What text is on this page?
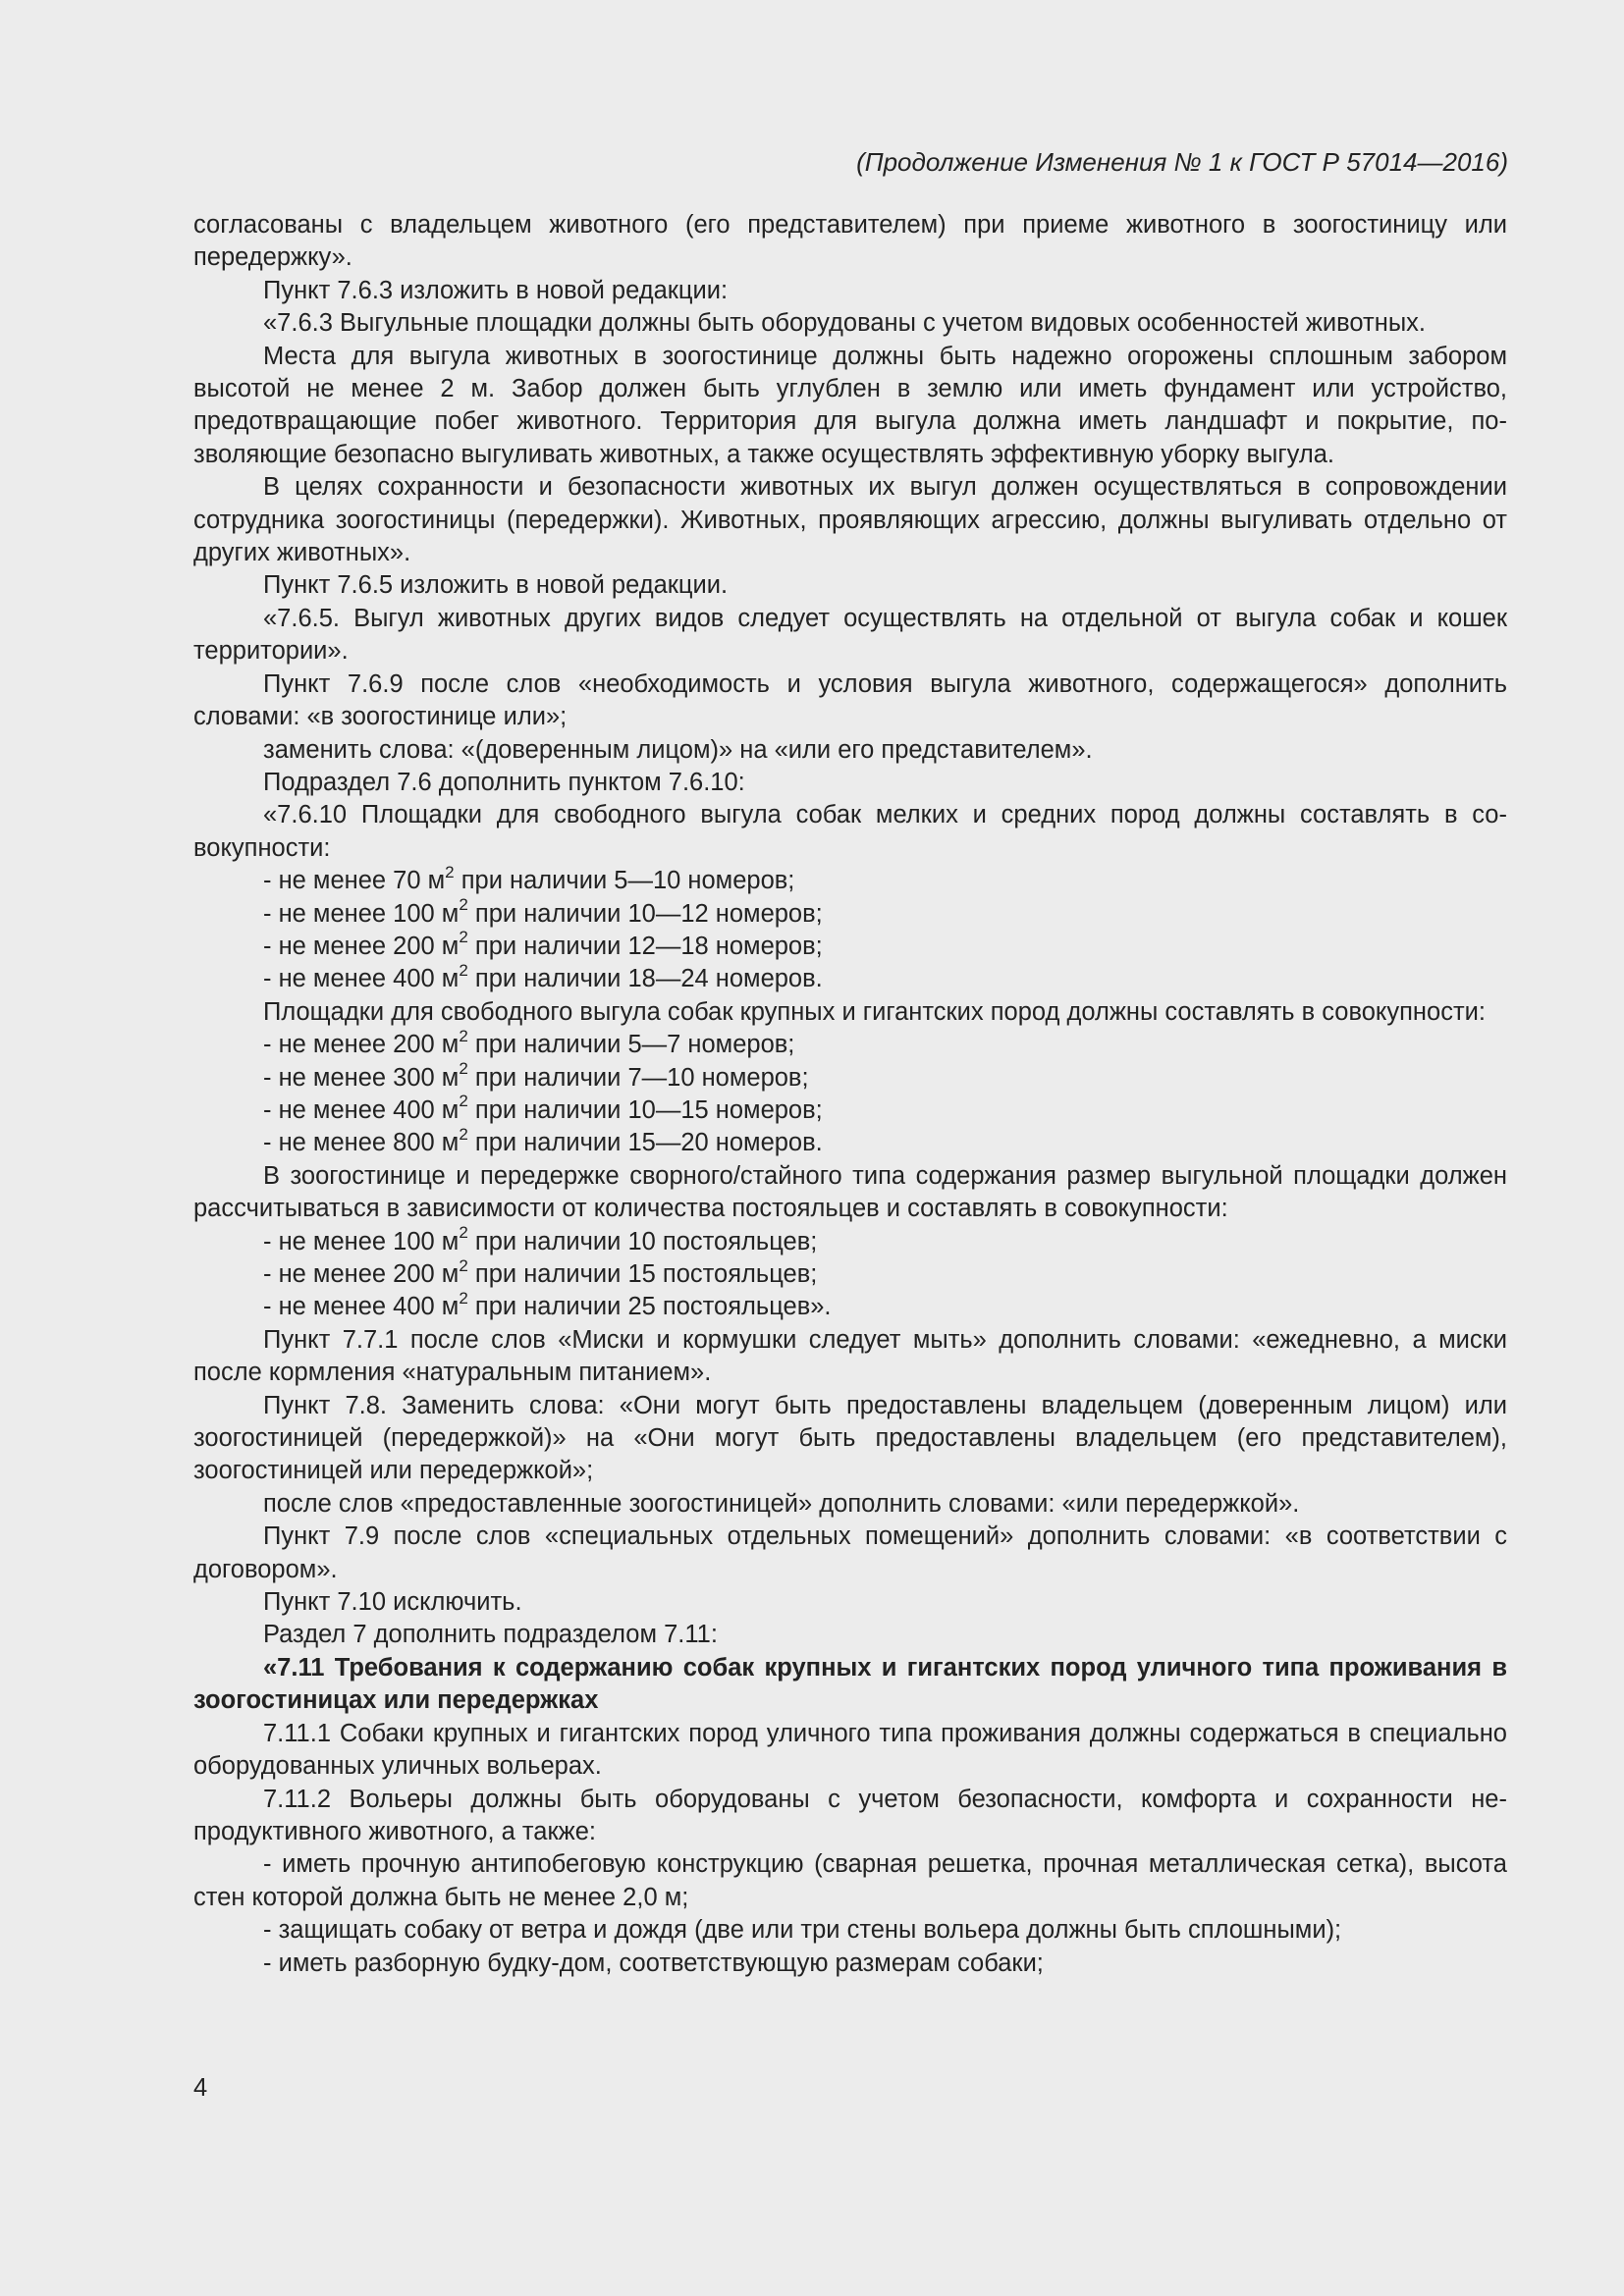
(Продолжение Изменения № 1 к ГОСТ Р 57014—2016)

согласованы с владельцем животного (его представителем) при приеме животного в зоогостиницу или передержку».

Пункт 7.6.3 изложить в новой редакции:

«7.6.3 Выгульные площадки должны быть оборудованы с учетом видовых особенностей животных.

Места для выгула животных в зоогостинице должны быть надежно огорожены сплошным забором высотой не менее 2 м. Забор должен быть углублен в землю или иметь фундамент или устройство, предотвращающие побег животного. Территория для выгула должна иметь ландшафт и покрытие, позволяющие безопасно выгуливать животных, а также осуществлять эффективную уборку выгула.

В целях сохранности и безопасности животных их выгул должен осуществляться в сопровождении сотрудника зоогостиницы (передержки). Животных, проявляющих агрессию, должны выгуливать отдельно от других животных».

Пункт 7.6.5 изложить в новой редакции.

«7.6.5. Выгул животных других видов следует осуществлять на отдельной от выгула собак и кошек территории».

Пункт 7.6.9 после слов «необходимость и условия выгула животного, содержащегося» дополнить словами: «в зоогостинице или»;

заменить слова: «(доверенным лицом)» на «или его представителем».

Подраздел 7.6 дополнить пунктом 7.6.10:

«7.6.10 Площадки для свободного выгула собак мелких и средних пород должны составлять в совокупности:

- не менее 70 $м^2$ при наличии 5—10 номеров;

- не менее 100 $м^2$ при наличии 10—12 номеров;

- не менее 200 $м^2$ при наличии 12—18 номеров;

- не менее 400 $м^2$ при наличии 18—24 номеров.

Площадки для свободного выгула собак крупных и гигантских пород должны составлять в совокупности:

- не менее 200 $м^2$ при наличии 5—7 номеров;

- не менее 300 $м^2$ при наличии 7—10 номеров;

- не менее 400 $м^2$ при наличии 10—15 номеров;

- не менее 800 $м^2$ при наличии 15—20 номеров.

В зоогостинице и передержке сворного/стайного типа содержания размер выгульной площадки должен рассчитываться в зависимости от количества постояльцев и составлять в совокупности:

- не менее 100 $м^2$ при наличии 10 постояльцев;

- не менее 200 $м^2$ при наличии 15 постояльцев;

- не менее 400 $м^2$ при наличии 25 постояльцев».

Пункт 7.7.1 после слов «Миски и кормушки следует мыть» дополнить словами: «ежедневно, а миски после кормления «натуральным питанием».

Пункт 7.8. Заменить слова: «Они могут быть предоставлены владельцем (доверенным лицом) или зоогостиницей (передержкой)» на «Они могут быть предоставлены владельцем (его представителем), зоогостиницей или передержкой»;

после слов «предоставленные зоогостиницей» дополнить словами: «или передержкой».

Пункт 7.9 после слов «специальных отдельных помещений» дополнить словами: «в соответствии с договором».

Пункт 7.10 исключить.

Раздел 7 дополнить подразделом 7.11:

«7.11 Требования к содержанию собак крупных и гигантских пород уличного типа проживания в зоогостиницах или передержках

7.11.1 Собаки крупных и гигантских пород уличного типа проживания должны содержаться в специально оборудованных уличных вольерах.

7.11.2 Вольеры должны быть оборудованы с учетом безопасности, комфорта и сохранности непродуктивного животного, а также:

- иметь прочную антипобеговую конструкцию (сварная решетка, прочная металлическая сетка), высота стен которой должна быть не менее 2,0 м;

- защищать собаку от ветра и дождя (две или три стены вольера должны быть сплошными);

- иметь разборную будку-дом, соответствующую размерам собаки;

4
